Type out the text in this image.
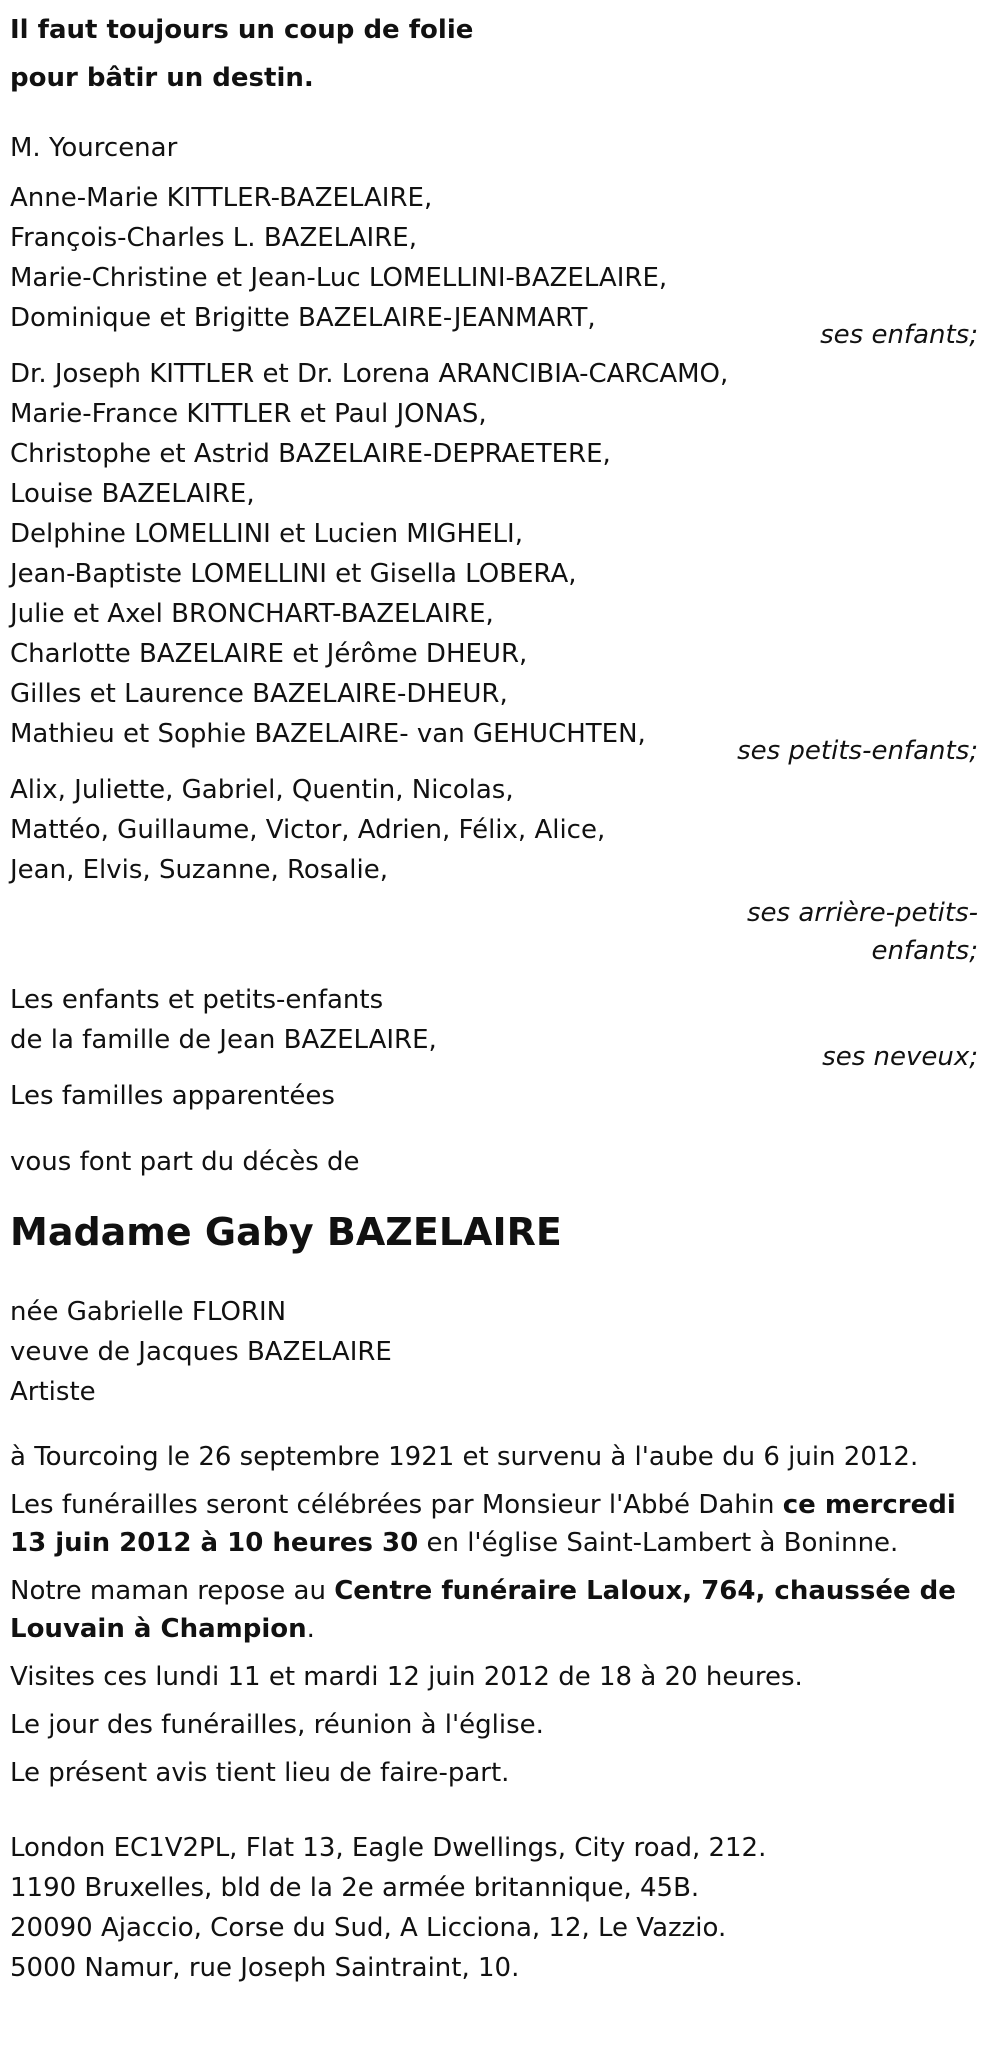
Il faut toujours un coup de folie
pour bâtir un destin.
M. Yourcenar
Anne-Marie KITTLER-BAZELAIRE,
François-Charles L. BAZELAIRE,
Marie-Christine et Jean-Luc LOMELLINI-BAZELAIRE,
Dominique et Brigitte BAZELAIRE-JEANMART,
ses enfants;
Dr. Joseph KITTLER et Dr. Lorena ARANCIBIA-CARCAMO,
Marie-France KITTLER et Paul JONAS,
Christophe et Astrid BAZELAIRE-DEPRAETERE,
Louise BAZELAIRE,
Delphine LOMELLINI et Lucien MIGHELI,
Jean-Baptiste LOMELLINI et Gisella LOBERA,
Julie et Axel BRONCHART-BAZELAIRE,
Charlotte BAZELAIRE et Jérôme DHEUR,
Gilles et Laurence BAZELAIRE-DHEUR,
Mathieu et Sophie BAZELAIRE- van GEHUCHTEN,
ses petits-enfants;
Alix, Juliette, Gabriel, Quentin, Nicolas,
Mattéo, Guillaume, Victor, Adrien, Félix, Alice,
Jean, Elvis, Suzanne, Rosalie,
ses arrière-petits-
enfants;
Les enfants et petits-enfants
de la famille de Jean BAZELAIRE,
ses neveux;
Les familles apparentées
vous font part du décès de
Madame Gaby BAZELAIRE
née Gabrielle FLORIN
veuve de Jacques BAZELAIRE
Artiste
à Tourcoing le 26 septembre 1921 et survenu à l'aube du 6 juin 2012.
Les funérailles seront célébrées par Monsieur l'Abbé Dahin ce mercredi 13 juin 2012 à 10 heures 30 en l'église Saint-Lambert à Boninne.
Notre maman repose au Centre funéraire Laloux, 764, chaussée de Louvain à Champion.
Visites ces lundi 11 et mardi 12 juin 2012 de 18 à 20 heures.
Le jour des funérailles, réunion à l'église.
Le présent avis tient lieu de faire-part.
London EC1V2PL, Flat 13, Eagle Dwellings, City road, 212.
1190 Bruxelles, bld de la 2e armée britannique, 45B.
20090 Ajaccio, Corse du Sud, A Licciona, 12, Le Vazzio.
5000 Namur, rue Joseph Saintraint, 10.
